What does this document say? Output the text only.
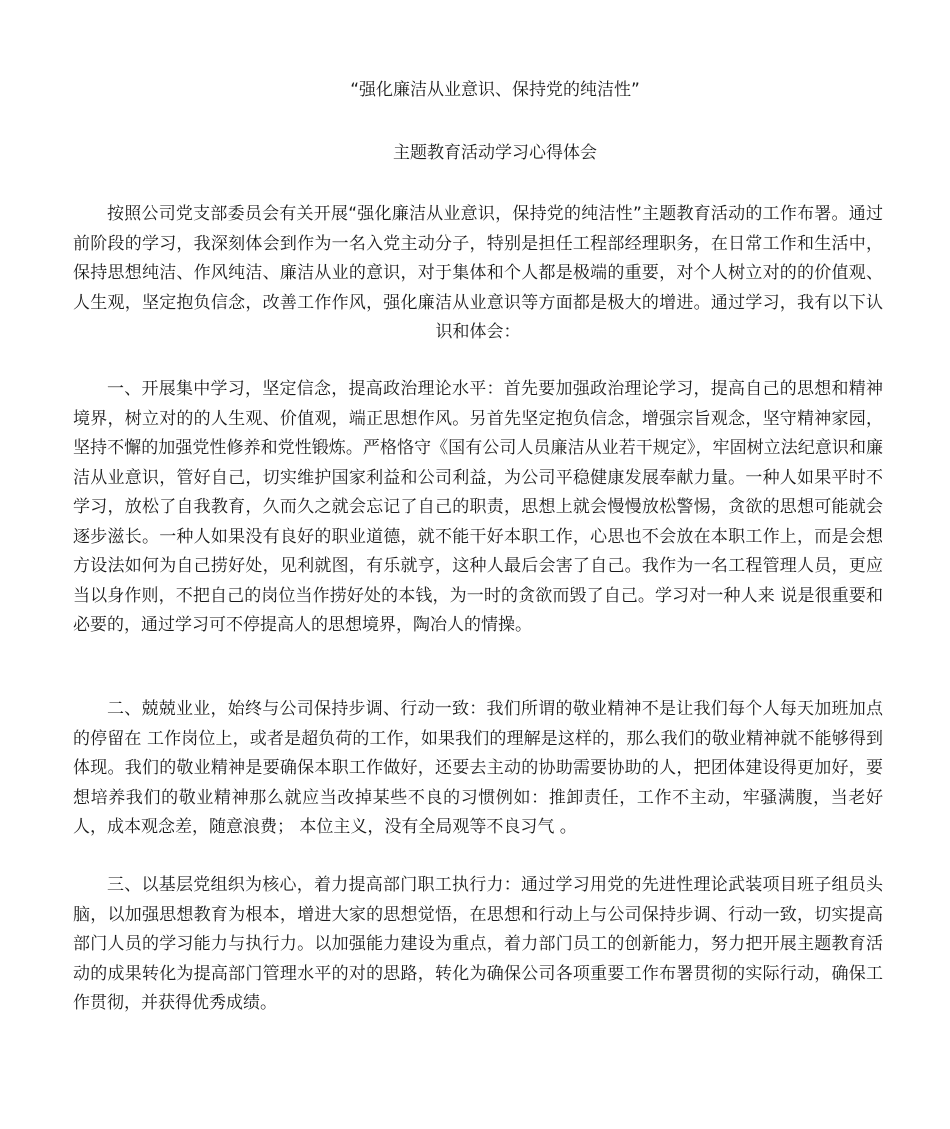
“强化廉洁从业意识、保持党的纯洁性”
主题教育活动学习心得体会

按照公司党支部委员会有关开展“强化廉洁从业意识，保持党的纯洁性”主题教育活动的工作布署。通过前阶段的学习，我深刻体会到作为一名入党主动分子，特别是担任工程部经理职务，在日常工作和生活中，保持思想纯洁、作风纯洁、廉洁从业的意识，对于集体和个人都是极端的重要，对个人树立对的的价值观、人生观，坚定抱负信念，改善工作作风，强化廉洁从业意识等方面都是极大的增进。通过学习，我有以下认识和体会：

一、开展集中学习，坚定信念，提高政治理论水平：首先要加强政治理论学习，提高自己的思想和精神境界，树立对的的人生观、价值观，端正思想作风。另首先坚定抱负信念，增强宗旨观念，坚守精神家园，坚持不懈的加强党性修养和党性锻炼。严格恪守《国有公司人员廉洁从业若干规定》，牢固树立法纪意识和廉洁从业意识，管好自己，切实维护国家利益和公司利益，为公司平稳健康发展奉献力量。一种人如果平时不学习，放松了自我教育，久而久之就会忘记了自己的职责，思想上就会慢慢放松警惕，贪欲的思想可能就会逐步滋长。一种人如果没有良好的职业道德，就不能干好本职工作，心思也不会放在本职工作上，而是会想方设法如何为自己捞好处，见利就图，有乐就亨，这种人最后会害了自己。我作为一名工程管理人员，更应当以身作则，不把自己的岗位当作捞好处的本钱，为一时的贪欲而毁了自己。学习对一种人来 说是很重要和必要的，通过学习可不停提高人的思想境界，陶冶人的情操。

二、兢兢业业，始终与公司保持步调、行动一致：我们所谓的敬业精神不是让我们每个人每天加班加点的停留在 工作岗位上，或者是超负荷的工作，如果我们的理解是这样的，那么我们的敬业精神就不能够得到体现。我们的敬业精神是要确保本职工作做好，还要去主动的协助需要协助的人，把团体建设得更加好，要想培养我们的敬业精神那么就应当改掉某些不良的习惯例如：推卸责任，工作不主动，牢骚满腹，当老好人，成本观念差，随意浪费； 本位主义，没有全局观等不良习气 。

三、以基层党组织为核心，着力提高部门职工执行力：通过学习用党的先进性理论武装项目班子组员头脑，以加强思想教育为根本，增进大家的思想觉悟，在思想和行动上与公司保持步调、行动一致，切实提高部门人员的学习能力与执行力。以加强能力建设为重点，着力部门员工的创新能力，努力把开展主题教育活动的成果转化为提高部门管理水平的对的思路，转化为确保公司各项重要工作布署贯彻的实际行动，确保工作贯彻，并获得优秀成绩。
